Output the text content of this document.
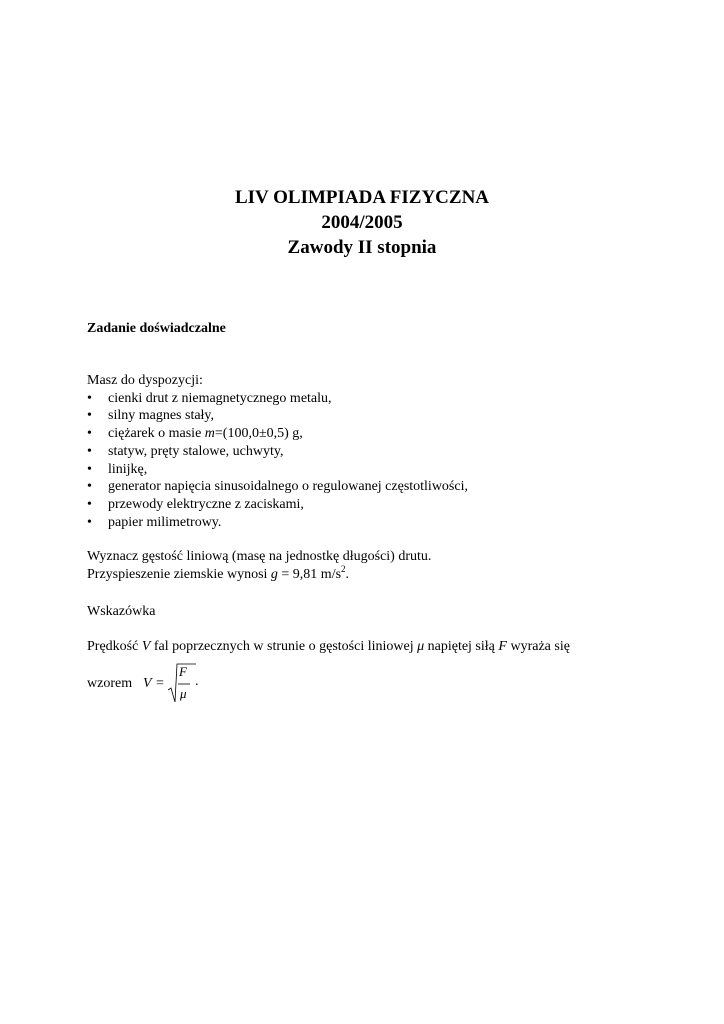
LIV OLIMPIADA FIZYCZNA
2004/2005
Zawody II stopnia
Zadanie doświadczalne

Masz do dyspozycji:

• cienki drut z niemagnetycznego metalu,
• silny magnes stały,
• ciężarek o masie m=(100,0±0,5) g,
• statyw, pręty stalowe, uchwyty,
• linijkę,
• generator napięcia sinusoidalnego o regulowanej częstotliwości,
• przewody elektryczne z zaciskami,
• papier milimetrowy.

Wyznacz gęstość liniową (masę na jednostkę długości) drutu.

Przyspieszenie ziemskie wynosi g = 9,81 $m/s^2$.

Wskazówka

Prędkość V fal poprzecznych w strunie o gęstości liniowej μ napiętej siłą F wyraża się

wzorem V =
F
μ
.
